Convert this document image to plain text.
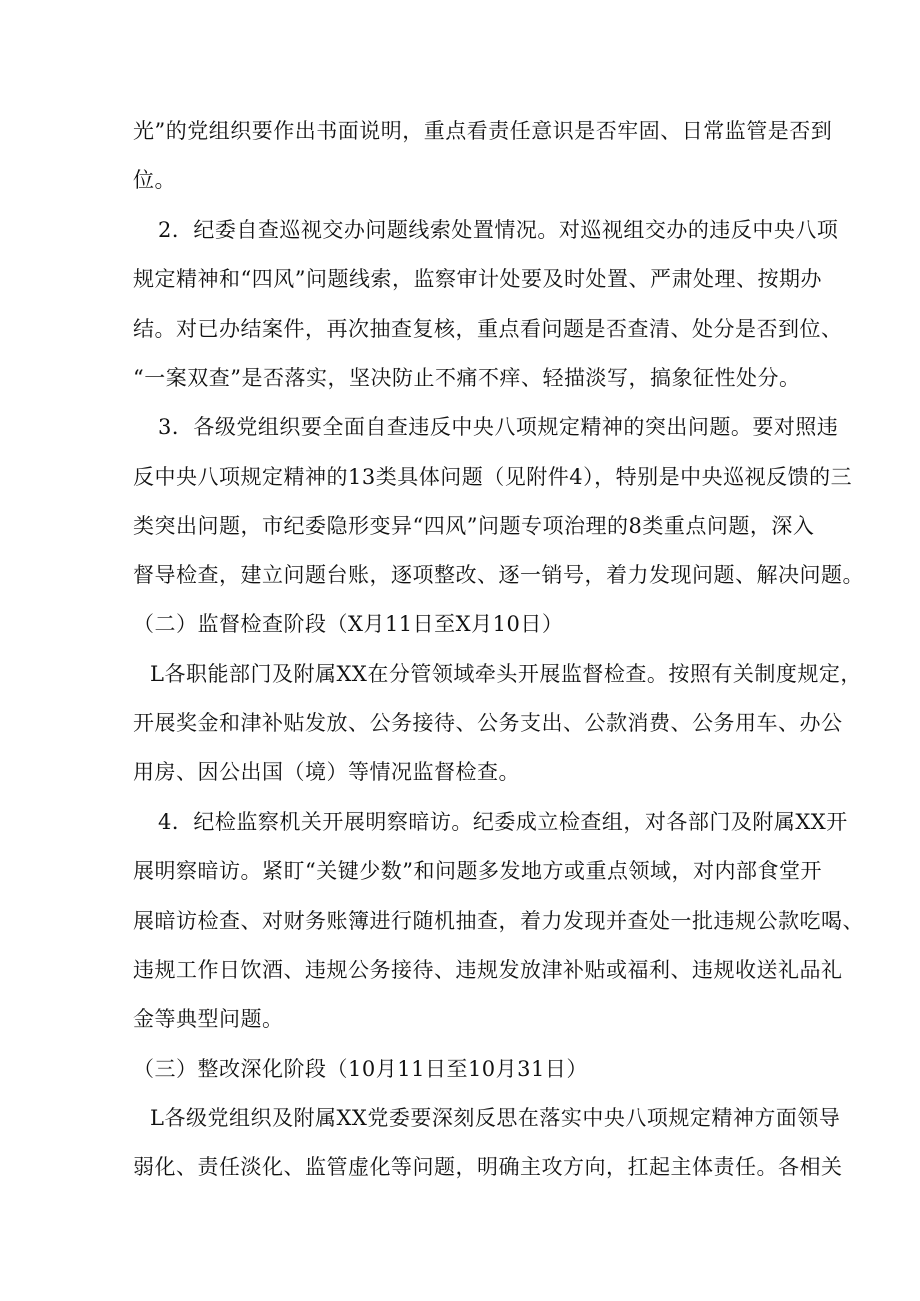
光”的党组织要作出书面说明，重点看责任意识是否牢固、日常监管是否到
位。
2．纪委自查巡视交办问题线索处置情况。对巡视组交办的违反中央八项
规定精神和“四风”问题线索，监察审计处要及时处置、严肃处理、按期办
结。对已办结案件，再次抽查复核，重点看问题是否查清、处分是否到位、
“一案双查”是否落实，坚决防止不痛不痒、轻描淡写，搞象征性处分。
3．各级党组织要全面自查违反中央八项规定精神的突出问题。要对照违
反中央八项规定精神的13类具体问题（见附件4），特别是中央巡视反馈的三
类突出问题，市纪委隐形变异“四风”问题专项治理的8类重点问题，深入
督导检查，建立问题台账，逐项整改、逐一销号，着力发现问题、解决问题。
（二）监督检查阶段（X月11日至X月10日）
L各职能部门及附属XX在分管领域牵头开展监督检查。按照有关制度规定，
开展奖金和津补贴发放、公务接待、公务支出、公款消费、公务用车、办公
用房、因公出国（境）等情况监督检查。
4．纪检监察机关开展明察暗访。纪委成立检查组，对各部门及附属XX开
展明察暗访。紧盯“关键少数”和问题多发地方或重点领域，对内部食堂开
展暗访检查、对财务账簿进行随机抽查，着力发现并查处一批违规公款吃喝、
违规工作日饮酒、违规公务接待、违规发放津补贴或福利、违规收送礼品礼
金等典型问题。
（三）整改深化阶段（10月11日至10月31日）
L各级党组织及附属XX党委要深刻反思在落实中央八项规定精神方面领导
弱化、责任淡化、监管虚化等问题，明确主攻方向，扛起主体责任。各相关
